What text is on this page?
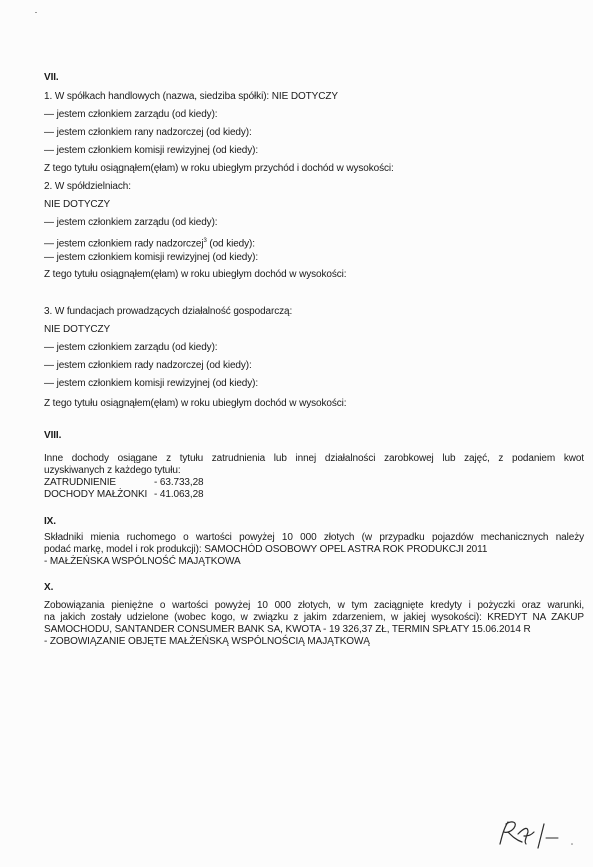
VII.
1. W spółkach handlowych (nazwa, siedziba spółki): NIE DOTYCZY
— jestem członkiem zarządu (od kiedy):
— jestem członkiem rany nadzorczej (od kiedy):
— jestem członkiem komisji rewizyjnej (od kiedy):
Z tego tytułu osiągnąłem(ęłam) w roku ubiegłym przychód i dochód w wysokości:
2. W spółdzielniach:
NIE DOTYCZY
— jestem członkiem zarządu (od kiedy):
— jestem członkiem rady nadzorczej$^3$ (od kiedy):
— jestem członkiem komisji rewizyjnej (od kiedy):
Z tego tytułu osiągnąłem(ęłam) w roku ubiegłym dochód w wysokości:
3. W fundacjach prowadzących działalność gospodarczą:
NIE DOTYCZY
— jestem członkiem zarządu (od kiedy):
— jestem członkiem rady nadzorczej (od kiedy):
— jestem członkiem komisji rewizyjnej (od kiedy):
Z tego tytułu osiągnąłem(ęłam) w roku ubiegłym dochód w wysokości:
VIII.
Inne dochody osiągane z tytułu zatrudnienia lub innej działalności zarobkowej lub zajęć, z podaniem kwot
uzyskiwanych z każdego tytułu:
ZATRUDNIENIE	- 63.733,28
DOCHODY MAŁŻONKI - 41.063,28
IX.
Składniki mienia ruchomego o wartości powyżej 10 000 złotych (w przypadku pojazdów mechanicznych należy
podać markę, model i rok produkcji): SAMOCHÓD OSOBOWY OPEL ASTRA ROK PRODUKCJI 2011
- MAŁŻEŃSKA WSPÓLNOŚĆ MAJĄTKOWA
X.
Zobowiązania pieniężne o wartości powyżej 10 000 złotych, w tym zaciągnięte kredyty i pożyczki oraz warunki,
na jakich zostały udzielone (wobec kogo, w związku z jakim zdarzeniem, w jakiej wysokości): KREDYT NA ZAKUP
SAMOCHODU, SANTANDER CONSUMER BANK SA, KWOTA - 19 326,37 ZŁ, TERMIN SPŁATY 15.06.2014 R
- ZOBOWIĄZANIE OBJĘTE MAŁŻEŃSKĄ WSPÓLNOŚCIĄ MAJĄTKOWĄ
